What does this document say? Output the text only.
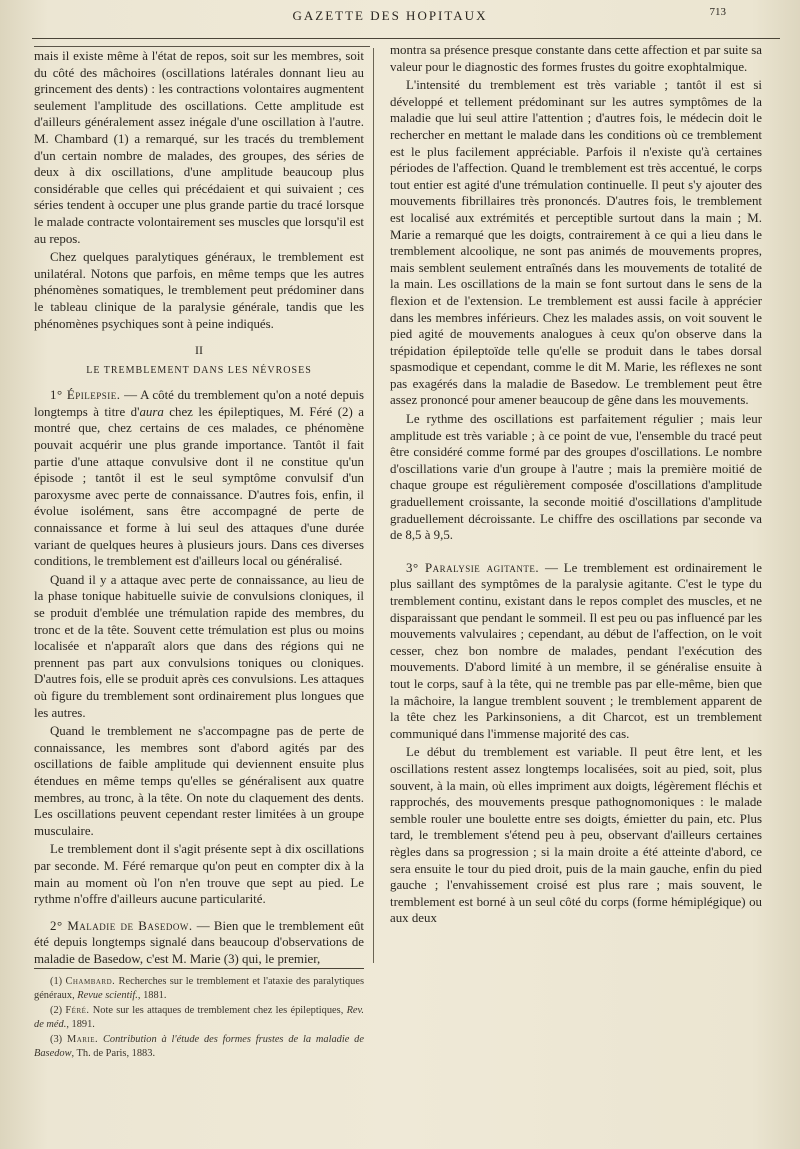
GAZETTE DES HOPITAUX	713

mais il existe même à l'état de repos, soit sur les membres, soit du côté des mâchoires (oscillations latérales donnant lieu au grincement des dents) : les contractions volontaires augmentent seulement l'amplitude des oscillations. Cette amplitude est d'ailleurs généralement assez inégale d'une oscillation à l'autre. M. Chambard (1) a remarqué, sur les tracés du tremblement d'un certain nombre de malades, des groupes, des séries de deux à dix oscillations, d'une amplitude beaucoup plus considérable que celles qui précédaient et qui suivaient ; ces séries tendent à occuper une plus grande partie du tracé lorsque le malade contracte volontairement ses muscles que lorsqu'il est au repos.

Chez quelques paralytiques généraux, le tremblement est unilatéral. Notons que parfois, en même temps que les autres phénomènes somatiques, le tremblement peut prédominer dans le tableau clinique de la paralysie générale, tandis que les phénomènes psychiques sont à peine indiqués.

II

LE TREMBLEMENT DANS LES NÉVROSES

1° Épilepsie. — A côté du tremblement qu'on a noté depuis longtemps à titre d'aura chez les épileptiques, M. Féré (2) a montré que, chez certains de ces malades, ce phénomène pouvait acquérir une plus grande importance. Tantôt il fait partie d'une attaque convulsive dont il ne constitue qu'un épisode ; tantôt il est le seul symptôme convulsif d'un paroxysme avec perte de connaissance. D'autres fois, enfin, il évolue isolément, sans être accompagné de perte de connaissance et forme à lui seul des attaques d'une durée variant de quelques heures à plusieurs jours. Dans ces diverses conditions, le tremblement est d'ailleurs local ou généralisé.

Quand il y a attaque avec perte de connaissance, au lieu de la phase tonique habituelle suivie de convulsions cloniques, il se produit d'emblée une trémulation rapide des membres, du tronc et de la tête. Souvent cette trémulation est plus ou moins localisée et n'apparaît alors que dans des régions qui ne prennent pas part aux convulsions toniques ou cloniques. D'autres fois, elle se produit après ces convulsions. Les attaques où figure du tremblement sont ordinairement plus longues que les autres.

Quand le tremblement ne s'accompagne pas de perte de connaissance, les membres sont d'abord agités par des oscillations de faible amplitude qui deviennent ensuite plus étendues en même temps qu'elles se généralisent aux quatre membres, au tronc, à la tête. On note du claquement des dents. Les oscillations peuvent cependant rester limitées à un groupe musculaire.

Le tremblement dont il s'agit présente sept à dix oscillations par seconde. M. Féré remarque qu'on peut en compter dix à la main au moment où l'on n'en trouve que sept au pied. Le rythme n'offre d'ailleurs aucune particularité.

2° Maladie de Basedow. — Bien que le tremblement eût été depuis longtemps signalé dans beaucoup d'observations de maladie de Basedow, c'est M. Marie (3) qui, le premier,

montra sa présence presque constante dans cette affection et par suite sa valeur pour le diagnostic des formes frustes du goitre exophtalmique.

L'intensité du tremblement est très variable ; tantôt il est si développé et tellement prédominant sur les autres symptômes de la maladie que lui seul attire l'attention ; d'autres fois, le médecin doit le rechercher en mettant le malade dans les conditions où ce tremblement est le plus facilement appréciable. Parfois il n'existe qu'à certaines périodes de l'affection. Quand le tremblement est très accentué, le corps tout entier est agité d'une trémulation continuelle. Il peut s'y ajouter des mouvements fibrillaires très prononcés. D'autres fois, le tremblement est localisé aux extrémités et perceptible surtout dans la main ; M. Marie a remarqué que les doigts, contrairement à ce qui a lieu dans le tremblement alcoolique, ne sont pas animés de mouvements propres, mais semblent seulement entraînés dans les mouvements de totalité de la main. Les oscillations de la main se font surtout dans le sens de la flexion et de l'extension. Le tremblement est aussi facile à apprécier dans les membres inférieurs. Chez les malades assis, on voit souvent le pied agité de mouvements analogues à ceux qu'on observe dans la trépidation épileptoïde telle qu'elle se produit dans le tabes dorsal spasmodique et cependant, comme le dit M. Marie, les réflexes ne sont pas exagérés dans la maladie de Basedow. Le tremblement peut être assez prononcé pour amener beaucoup de gêne dans les mouvements.

Le rythme des oscillations est parfaitement régulier ; mais leur amplitude est très variable ; à ce point de vue, l'ensemble du tracé peut être considéré comme formé par des groupes d'oscillations. Le nombre d'oscillations varie d'un groupe à l'autre ; mais la première moitié de chaque groupe est régulièrement composée d'oscillations d'amplitude graduellement croissante, la seconde moitié d'oscillations d'amplitude graduellement décroissante. Le chiffre des oscillations par seconde va de 8,5 à 9,5.

3° Paralysie agitante. — Le tremblement est ordinairement le plus saillant des symptômes de la paralysie agitante. C'est le type du tremblement continu, existant dans le repos complet des muscles, et ne disparaissant que pendant le sommeil. Il est peu ou pas influencé par les mouvements valvulaires ; cependant, au début de l'affection, on le voit cesser, chez bon nombre de malades, pendant l'exécution des mouvements. D'abord limité à un membre, il se généralise ensuite à tout le corps, sauf à la tête, qui ne tremble pas par elle-même, bien que la mâchoire, la langue tremblent souvent ; le tremblement apparent de la tête chez les Parkinsoniens, a dit Charcot, est un tremblement communiqué dans l'immense majorité des cas.

Le début du tremblement est variable. Il peut être lent, et les oscillations restent assez longtemps localisées, soit au pied, soit, plus souvent, à la main, où elles impriment aux doigts, légèrement fléchis et rapprochés, des mouvements presque pathognomoniques : le malade semble rouler une boulette entre ses doigts, émietter du pain, etc. Plus tard, le tremblement s'étend peu à peu, observant d'ailleurs certaines règles dans sa progression ; si la main droite a été atteinte d'abord, ce sera ensuite le tour du pied droit, puis de la main gauche, enfin du pied gauche ; l'envahissement croisé est plus rare ; mais souvent, le tremblement est borné à un seul côté du corps (forme hémiplégique) ou aux deux

(1) Chambard. Recherches sur le tremblement et l'ataxie des paralytiques généraux, Revue scientif., 1881.

(2) Féré. Note sur les attaques de tremblement chez les épileptiques, Rev. de méd., 1891.

(3) Marie. Contribution à l'étude des formes frustes de la maladie de Basedow, Th. de Paris, 1883.
